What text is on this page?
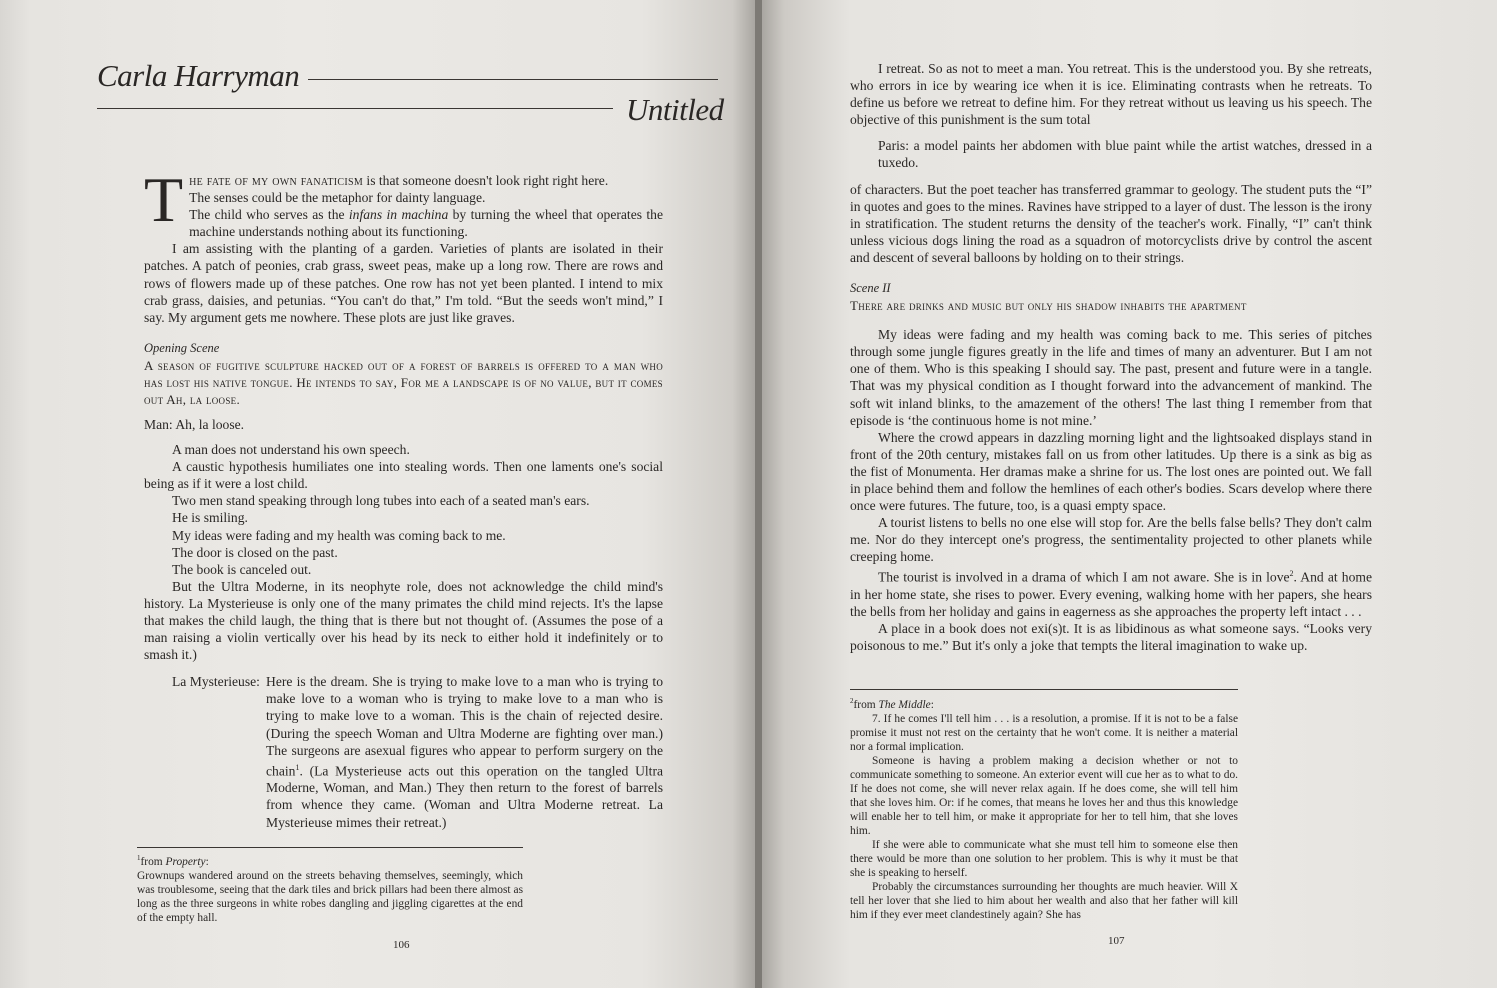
Carla Harryman
Untitled

The fate of my own fanaticism is that someone doesn't look right right here.
The senses could be the metaphor for dainty language.
The child who serves as the infans in machina by turning the wheel that operates the machine understands nothing about its functioning.

I am assisting with the planting of a garden. Varieties of plants are isolated in their patches. A patch of peonies, crab grass, sweet peas, make up a long row. There are rows and rows of flowers made up of these patches. One row has not yet been planted. I intend to mix crab grass, daisies, and petunias. “You can't do that,” I'm told. “But the seeds won't mind,” I say. My argument gets me nowhere. These plots are just like graves.

Opening Scene

A season of fugitive sculpture hacked out of a forest of barrels is offered to a man who has lost his native tongue. He intends to say, For me a landscape is of no value, but it comes out Ah, la loose.

Man: Ah, la loose.

A man does not understand his own speech.

A caustic hypothesis humiliates one into stealing words. Then one laments one's social being as if it were a lost child.

Two men stand speaking through long tubes into each of a seated man's ears.

He is smiling.

My ideas were fading and my health was coming back to me.

The door is closed on the past.

The book is canceled out.

But the Ultra Moderne, in its neophyte role, does not acknowledge the child mind's history. La Mysterieuse is only one of the many primates the child mind rejects. It's the lapse that makes the child laugh, the thing that is there but not thought of. (Assumes the pose of a man raising a violin vertically over his head by its neck to either hold it indefinitely or to smash it.)

La Mysterieuse: Here is the dream. She is trying to make love to a man who is trying to make love to a woman who is trying to make love to a man who is trying to make love to a woman. This is the chain of rejected desire. (During the speech Woman and Ultra Moderne are fighting over man.) The surgeons are asexual figures who appear to perform surgery on the chain$^1$. (La Mysterieuse acts out this operation on the tangled Ultra Moderne, Woman, and Man.) They then return to the forest of barrels from whence they came. (Woman and Ultra Moderne retreat. La Mysterieuse mimes their retreat.)

$^1$from Property:

Grownups wandered around on the streets behaving themselves, seemingly, which was troublesome, seeing that the dark tiles and brick pillars had been there almost as long as the three surgeons in white robes dangling and jiggling cigarettes at the end of the empty hall.

106

I retreat. So as not to meet a man. You retreat. This is the understood you. By she retreats, who errors in ice by wearing ice when it is ice. Eliminating contrasts when he retreats. To define us before we retreat to define him. For they retreat without us leaving us his speech. The objective of this punishment is the sum total

Paris: a model paints her abdomen with blue paint while the artist watches, dressed in a tuxedo.

of characters. But the poet teacher has transferred grammar to geology. The student puts the “I” in quotes and goes to the mines. Ravines have stripped to a layer of dust. The lesson is the irony in stratification. The student returns the density of the teacher's work. Finally, “I” can't think unless vicious dogs lining the road as a squadron of motorcyclists drive by control the ascent and descent of several balloons by holding on to their strings.

Scene II

There are drinks and music but only his shadow inhabits the apartment

My ideas were fading and my health was coming back to me. This series of pitches through some jungle figures greatly in the life and times of many an adventurer. But I am not one of them. Who is this speaking I should say. The past, present and future were in a tangle. That was my physical condition as I thought forward into the advancement of mankind. The soft wit inland blinks, to the amazement of the others! The last thing I remember from that episode is ‘the continuous home is not mine.’

Where the crowd appears in dazzling morning light and the lightsoaked displays stand in front of the 20th century, mistakes fall on us from other latitudes. Up there is a sink as big as the fist of Monumenta. Her dramas make a shrine for us. The lost ones are pointed out. We fall in place behind them and follow the hemlines of each other's bodies. Scars develop where there once were futures. The future, too, is a quasi empty space.

A tourist listens to bells no one else will stop for. Are the bells false bells? They don't calm me. Nor do they intercept one's progress, the sentimentality projected to other planets while creeping home.

The tourist is involved in a drama of which I am not aware. She is in love$^2$. And at home in her home state, she rises to power. Every evening, walking home with her papers, she hears the bells from her holiday and gains in eagerness as she approaches the property left intact . . .

A place in a book does not exi(s)t. It is as libidinous as what someone says. “Looks very poisonous to me.” But it's only a joke that tempts the literal imagination to wake up.

$^2$from The Middle:

7. If he comes I'll tell him . . . is a resolution, a promise. If it is not to be a false promise it must not rest on the certainty that he won't come. It is neither a material nor a formal implication.

Someone is having a problem making a decision whether or not to communicate something to someone. An exterior event will cue her as to what to do. If he does not come, she will never relax again. If he does come, she will tell him that she loves him. Or: if he comes, that means he loves her and thus this knowledge will enable her to tell him, or make it appropriate for her to tell him, that she loves him.

If she were able to communicate what she must tell him to someone else then there would be more than one solution to her problem. This is why it must be that she is speaking to herself.

Probably the circumstances surrounding her thoughts are much heavier. Will X tell her lover that she lied to him about her wealth and also that her father will kill him if they ever meet clandestinely again? She has

107
